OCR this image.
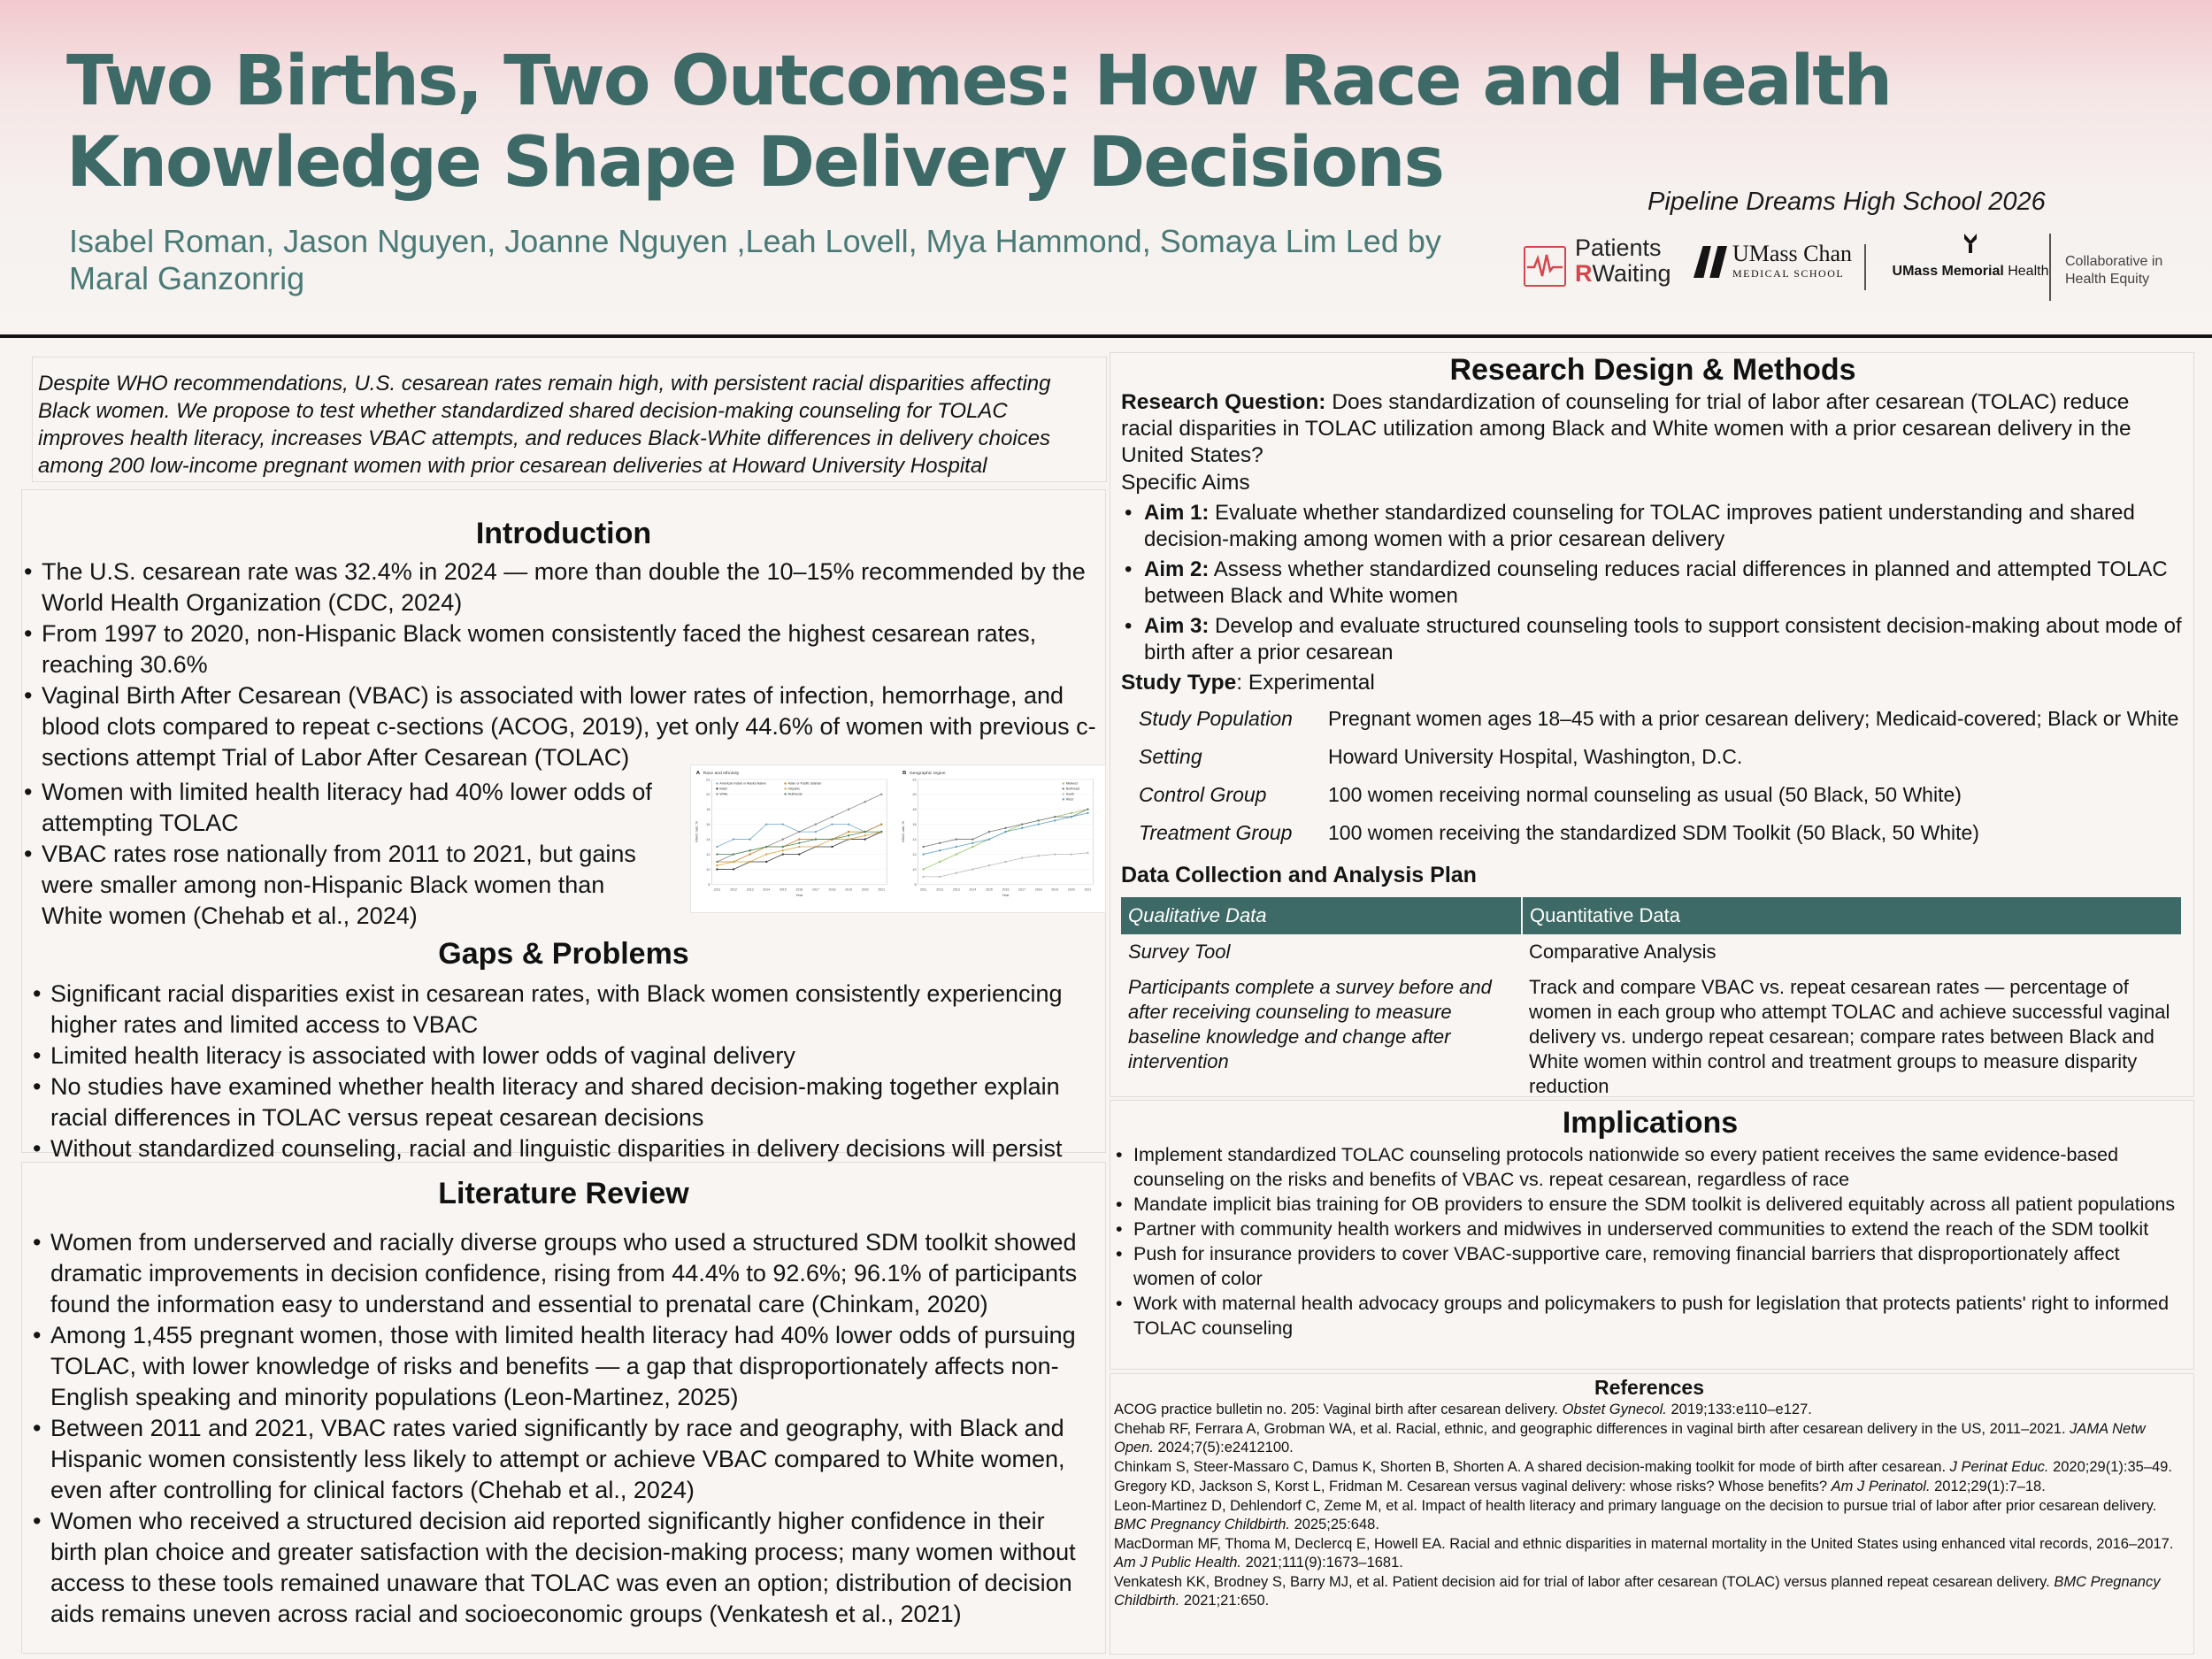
Two Births, Two Outcomes: How Race and Health Knowledge Shape Delivery Decisions
Isabel Roman, Jason Nguyen, Joanne Nguyen ,Leah Lovell, Mya Hammond, Somaya Lim Led by Maral Ganzonrig
Pipeline Dreams High School 2026
Patients
RWaiting
UMass Chan
MEDICAL SCHOOL	UMass Memorial Health
Collaborative in
Health Equity
Despite WHO recommendations, U.S. cesarean rates remain high, with persistent racial disparities affecting Black women. We propose to test whether standardized shared decision-making counseling for TOLAC improves health literacy, increases VBAC attempts, and reduces Black-White differences in delivery choices among 200 low-income pregnant women with prior cesarean deliveries at Howard University Hospital
Introduction
• The U.S. cesarean rate was 32.4% in 2024 — more than double the 10–15% recommended by the World Health Organization (CDC, 2024)
• From 1997 to 2020, non-Hispanic Black women consistently faced the highest cesarean rates, reaching 30.6%
• Vaginal Birth After Cesarean (VBAC) is associated with lower rates of infection, hemorrhage, and blood clots compared to repeat c-sections (ACOG, 2019), yet only 44.6% of women with previous c-sections attempt Trial of Labor After Cesarean (TOLAC)
• Women with limited health literacy had 40% lower odds of attempting TOLAC
• VBAC rates rose nationally from 2011 to 2021, but gains were smaller among non-Hispanic Black women than White women (Chehab et al., 2024)
A Race and ethnicity
22
20
18
16
14
12
10
8
2011	2012	2013	2014	2015	2016	2017	2018	2019	2020	2021
Year
VBAC rate, %
American Indian or Alaska Native	Asian or Pacific Islander
Black	Hispanic
White	Multiracial
B Geographic region
22
20
18
16
14
12
10
8
2011	2012	2013	2014	2015	2016	2017	2018	2019	2020	2021
Year
VBAC rate, %
Midwest
Northeast
South
West
Gaps & Problems
• Significant racial disparities exist in cesarean rates, with Black women consistently experiencing higher rates and limited access to VBAC
• Limited health literacy is associated with lower odds of vaginal delivery
• No studies have examined whether health literacy and shared decision-making together explain racial differences in TOLAC versus repeat cesarean decisions
• Without standardized counseling, racial and linguistic disparities in delivery decisions will persist
Literature Review
• Women from underserved and racially diverse groups who used a structured SDM toolkit showed dramatic improvements in decision confidence, rising from 44.4% to 92.6%; 96.1% of participants found the information easy to understand and essential to prenatal care (Chinkam, 2020)
• Among 1,455 pregnant women, those with limited health literacy had 40% lower odds of pursuing TOLAC, with lower knowledge of risks and benefits — a gap that disproportionately affects non-English speaking and minority populations (Leon-Martinez, 2025)
• Between 2011 and 2021, VBAC rates varied significantly by race and geography, with Black and Hispanic women consistently less likely to attempt or achieve VBAC compared to White women, even after controlling for clinical factors (Chehab et al., 2024)
• Women who received a structured decision aid reported significantly higher confidence in their birth plan choice and greater satisfaction with the decision-making process; many women without access to these tools remained unaware that TOLAC was even an option; distribution of decision aids remains uneven across racial and socioeconomic groups (Venkatesh et al., 2021)
Research Design & Methods
Research Question: Does standardization of counseling for trial of labor after cesarean (TOLAC) reduce racial disparities in TOLAC utilization among Black and White women with a prior cesarean delivery in the United States?
Specific Aims
• Aim 1: Evaluate whether standardized counseling for TOLAC improves patient understanding and shared decision-making among women with a prior cesarean delivery
• Aim 2: Assess whether standardized counseling reduces racial differences in planned and attempted TOLAC between Black and White women
• Aim 3: Develop and evaluate structured counseling tools to support consistent decision-making about mode of birth after a prior cesarean
Study Type: Experimental
Study Population Pregnant women ages 18–45 with a prior cesarean delivery; Medicaid-covered; Black or White
Setting	Howard University Hospital, Washington, D.C.
Control Group	100 women receiving normal counseling as usual (50 Black, 50 White)
Treatment Group 100 women receiving the standardized SDM Toolkit (50 Black, 50 White)
Data Collection and Analysis Plan
Qualitative Data	Quantitative Data
Survey Tool	Comparative Analysis
Participants complete a survey before and after receiving counseling to measure baseline knowledge and change after intervention	Track and compare VBAC vs. repeat cesarean rates — percentage of women in each group who attempt TOLAC and achieve successful vaginal delivery vs. undergo repeat cesarean; compare rates between Black and White women within control and treatment groups to measure disparity reduction
Implications
• Implement standardized TOLAC counseling protocols nationwide so every patient receives the same evidence-based counseling on the risks and benefits of VBAC vs. repeat cesarean, regardless of race
• Mandate implicit bias training for OB providers to ensure the SDM toolkit is delivered equitably across all patient populations
• Partner with community health workers and midwives in underserved communities to extend the reach of the SDM toolkit
• Push for insurance providers to cover VBAC-supportive care, removing financial barriers that disproportionately affect women of color
• Work with maternal health advocacy groups and policymakers to push for legislation that protects patients' right to informed TOLAC counseling
References
ACOG practice bulletin no. 205: Vaginal birth after cesarean delivery. Obstet Gynecol. 2019;133:e110–e127.
Chehab RF, Ferrara A, Grobman WA, et al. Racial, ethnic, and geographic differences in vaginal birth after cesarean delivery in the US, 2011–2021. JAMA Netw Open. 2024;7(5):e2412100.
Chinkam S, Steer-Massaro C, Damus K, Shorten B, Shorten A. A shared decision-making toolkit for mode of birth after cesarean. J Perinat Educ. 2020;29(1):35–49.
Gregory KD, Jackson S, Korst L, Fridman M. Cesarean versus vaginal delivery: whose risks? Whose benefits? Am J Perinatol. 2012;29(1):7–18.
Leon-Martinez D, Dehlendorf C, Zeme M, et al. Impact of health literacy and primary language on the decision to pursue trial of labor after prior cesarean delivery. BMC Pregnancy Childbirth. 2025;25:648.
MacDorman MF, Thoma M, Declercq E, Howell EA. Racial and ethnic disparities in maternal mortality in the United States using enhanced vital records, 2016–2017. Am J Public Health. 2021;111(9):1673–1681.
Venkatesh KK, Brodney S, Barry MJ, et al. Patient decision aid for trial of labor after cesarean (TOLAC) versus planned repeat cesarean delivery. BMC Pregnancy Childbirth. 2021;21:650.
